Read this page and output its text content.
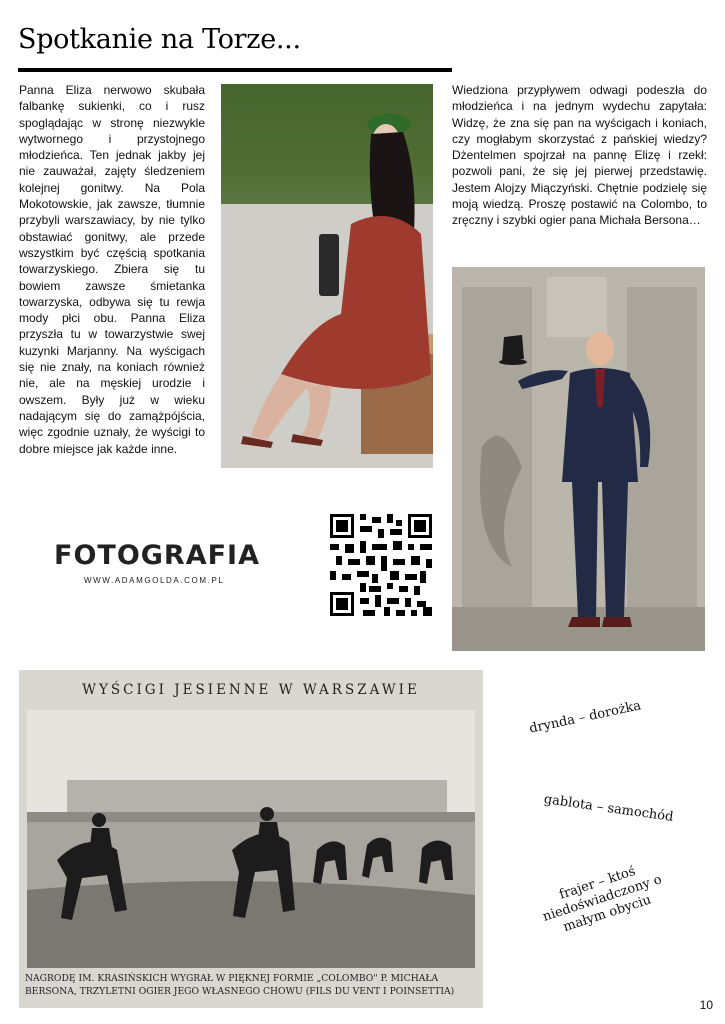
Spotkanie na Torze...

Panna Eliza nerwowo skubała falbankę sukienki, co i rusz spoglądając w stronę niezwykle wytwornego i przystojnego młodzieńca. Ten jednak jakby jej nie zauważał, zajęty śledzeniem kolejnej gonitwy. Na Pola Mokotowskie, jak zawsze, tłumnie przybyli warszawiacy, by nie tylko obstawiać gonitwy, ale przede wszystkim być częścią spotkania towarzyskiego. Zbiera się tu bowiem zawsze śmietanka towarzyska, odbywa się tu rewja mody płci obu. Panna Eliza przyszła tu w towarzystwie swej kuzynki Marjanny. Na wyścigach się nie znały, na koniach również nie, ale na męskiej urodzie i owszem. Były już w wieku nadającym się do zamążpójścia, więc zgodnie uznały, że wyścigi to dobre miejsce jak każde inne.

Wiedziona przypływem odwagi podeszła do młodzieńca i na jednym wydechu zapytała: Widzę, że zna się pan na wyścigach i koniach, czy mogłabym skorzystać z pańskiej wiedzy? Dżentelmen spojrzał na pannę Elizę i rzekł: pozwoli pani, że się jej pierwej przedstawię. Jestem Alojzy Miączyński. Chętnie podzielę się moją wiedzą. Proszę postawić na Colombo, to zręczny i szybki ogier pana Michała Bersona…

FOTOGRAFIA
WWW.ADAMGOLDA.COM.PL
WYŚCIGI JESIENNE W WARSZAWIE
NAGRODĘ IM. KRASIŃSKICH WYGRAŁ W PIĘKNEJ FORMIE „COLOMBO" P. MICHAŁA BERSONA, TRZYLETNI OGIER JEGO WŁASNEGO CHOWU (FILS DU VENT I POINSETTIA)
dryndа – dorożka
gablota – samochód
frajer – ktoś niedoświadczony o małym obyciu
10
